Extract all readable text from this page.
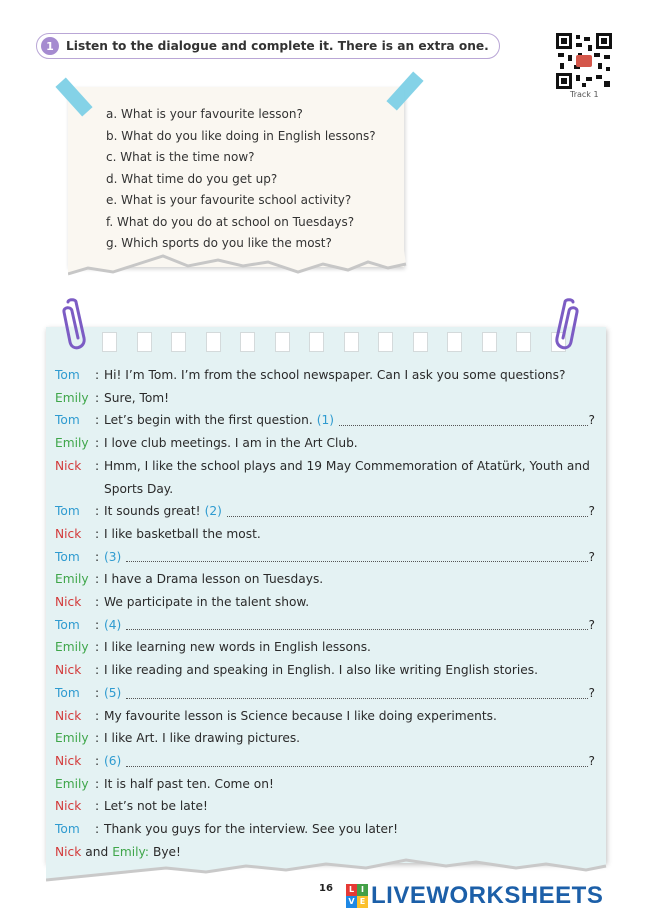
1 Listen to the dialogue and complete it. There is an extra one.
Track 1
a. What is your favourite lesson?
b. What do you like doing in English lessons?
c. What is the time now?
d. What time do you get up?
e. What is your favourite school activity?
f. What do you do at school on Tuesdays?
g. Which sports do you like the most?
Tom	: Hi! I’m Tom. I’m from the school newspaper. Can I ask you some questions?
Emily : Sure, Tom!
Tom	: Let’s begin with the first question. (1)	?
Emily : I love club meetings. I am in the Art Club.
Nick	: Hmm, I like the school plays and 19 May Commemoration of Atatürk, Youth and Sports Day.
Tom	: It sounds great! (2)	?
Nick	: I like basketball the most.
Tom	: (3)	?
Emily : I have a Drama lesson on Tuesdays.
Nick	: We participate in the talent show.
Tom	: (4)	?
Emily : I like learning new words in English lessons.
Nick	: I like reading and speaking in English. I also like writing English stories.
Tom	: (5)	?
Nick	: My favourite lesson is Science because I like doing experiments.
Emily : I like Art. I like drawing pictures.
Nick	: (6)	?
Emily : It is half past ten. Come on!
Nick	: Let’s not be late!
Tom	: Thank you guys for the interview. See you later!
Nick and Emily: Bye!
16	L I
V E LIVEWORKSHEETS
